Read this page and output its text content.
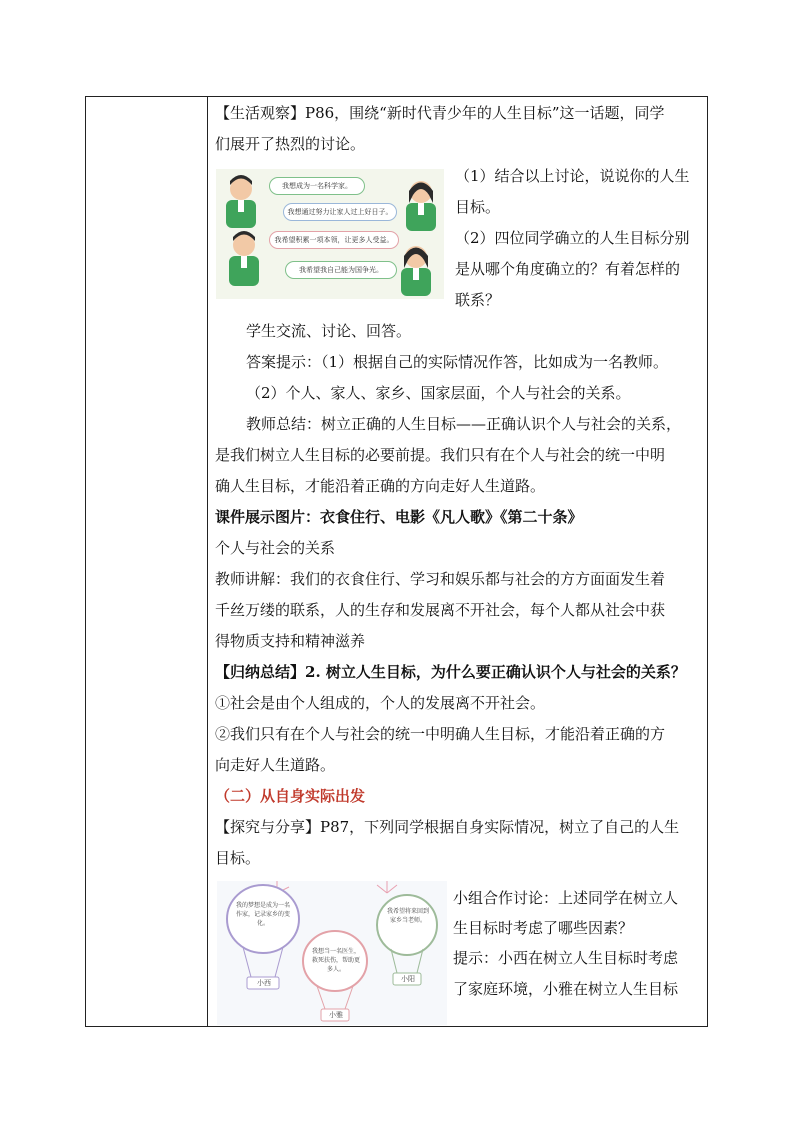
【生活观察】P86，围绕“新时代青少年的人生目标”这一话题，同学
们展开了热烈的讨论。
我想成为一名科学家。
我想通过努力让家人过上好日子。
我希望积累一项本领，让更多人受益。
我希望我自己能为国争光。
（1）结合以上讨论，说说你的人生
目标。
（2）四位同学确立的人生目标分别
是从哪个角度确立的？有着怎样的
联系？
学生交流、讨论、回答。
答案提示：（1）根据自己的实际情况作答，比如成为一名教师。
（2）个人、家人、家乡、国家层面，个人与社会的关系。
教师总结：树立正确的人生目标——正确认识个人与社会的关系，
是我们树立人生目标的必要前提。我们只有在个人与社会的统一中明
确人生目标，才能沿着正确的方向走好人生道路。
课件展示图片：衣食住行、电影《凡人歌》《第二十条》
个人与社会的关系
教师讲解：我们的衣食住行、学习和娱乐都与社会的方方面面发生着
千丝万缕的联系，人的生存和发展离不开社会，每个人都从社会中获
得物质支持和精神滋养
【归纳总结】2. 树立人生目标，为什么要正确认识个人与社会的关系？
①社会是由个人组成的，个人的发展离不开社会。
②我们只有在个人与社会的统一中明确人生目标，才能沿着正确的方
向走好人生道路。
（二）从自身实际出发
【探究与分享】P87，下列同学根据自身实际情况，树立了自己的人生
目标。
我的梦想是成为一名作家，记录家乡的变化。
我想当一名医生，救死扶伤，帮助更多人。
我希望将来回到家乡当老师。
小西
小雅
小阳
小组合作讨论：上述同学在树立人
生目标时考虑了哪些因素？
提示：小西在树立人生目标时考虑
了家庭环境，小雅在树立人生目标
